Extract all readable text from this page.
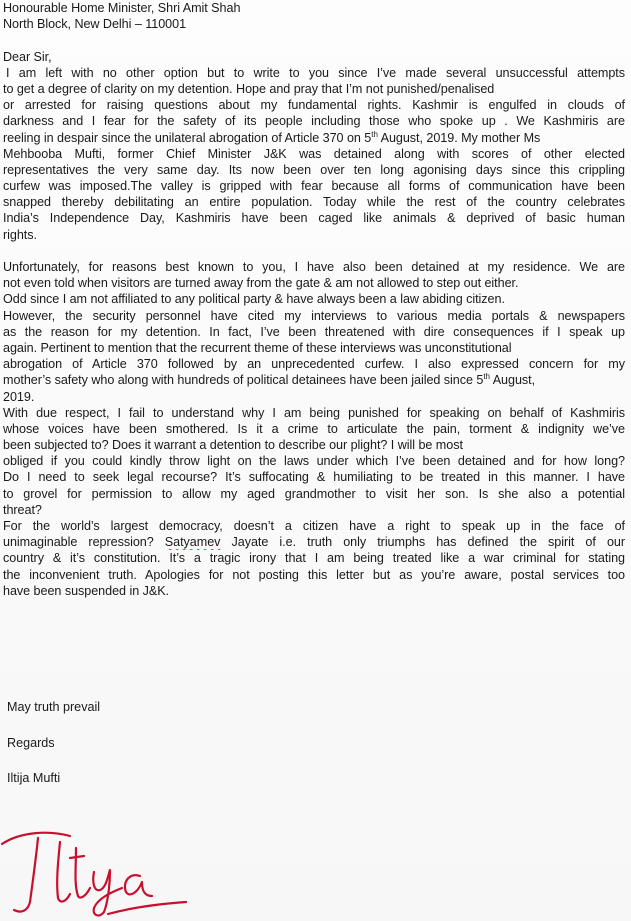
Honourable Home Minister, Shri Amit Shah
North Block, New Delhi – 110001
Dear Sir,
I am left with no other option but to write to you since I’ve made several unsuccessful attempts
to get a degree of clarity on my detention. Hope and pray that I’m not punished/penalised
or arrested for raising questions about my fundamental rights. Kashmir is engulfed in clouds of
darkness and I fear for the safety of its people including those who spoke up . We Kashmiris are
reeling in despair since the unilateral abrogation of Article 370 on 5th August, 2019. My mother Ms
Mehbooba Mufti, former Chief Minister J&K was detained along with scores of other elected
representatives the very same day. Its now been over ten long agonising days since this crippling
curfew was imposed.The valley is gripped with fear because all forms of communication have been
snapped thereby debilitating an entire population. Today while the rest of the country celebrates
India’s Independence Day, Kashmiris have been caged like animals & deprived of basic human
rights.
Unfortunately, for reasons best known to you, I have also been detained at my residence. We are
not even told when visitors are turned away from the gate & am not allowed to step out either.
Odd since I am not affiliated to any political party & have always been a law abiding citizen.
However, the security personnel have cited my interviews to various media portals & newspapers
as the reason for my detention. In fact, I’ve been threatened with dire consequences if I speak up
again. Pertinent to mention that the recurrent theme of these interviews was unconstitutional
abrogation of Article 370 followed by an unprecedented curfew. I also expressed concern for my
mother’s safety who along with hundreds of political detainees have been jailed since 5th August,
2019.
With due respect, I fail to understand why I am being punished for speaking on behalf of Kashmiris
whose voices have been smothered. Is it a crime to articulate the pain, torment & indignity we’ve
been subjected to? Does it warrant a detention to describe our plight? I will be most
obliged if you could kindly throw light on the laws under which I’ve been detained and for how long?
Do I need to seek legal recourse? It’s suffocating & humiliating to be treated in this manner. I have
to grovel for permission to allow my aged grandmother to visit her son. Is she also a potential
threat?
For the world’s largest democracy, doesn’t a citizen have a right to speak up in the face of
unimaginable repression? Satyamev Jayate i.e. truth only triumphs has defined the spirit of our
country & it’s constitution. It’s a tragic irony that I am being treated like a war criminal for stating
the inconvenient truth. Apologies for not posting this letter but as you’re aware, postal services too
have been suspended in J&K.
May truth prevail
Regards
Iltija Mufti
